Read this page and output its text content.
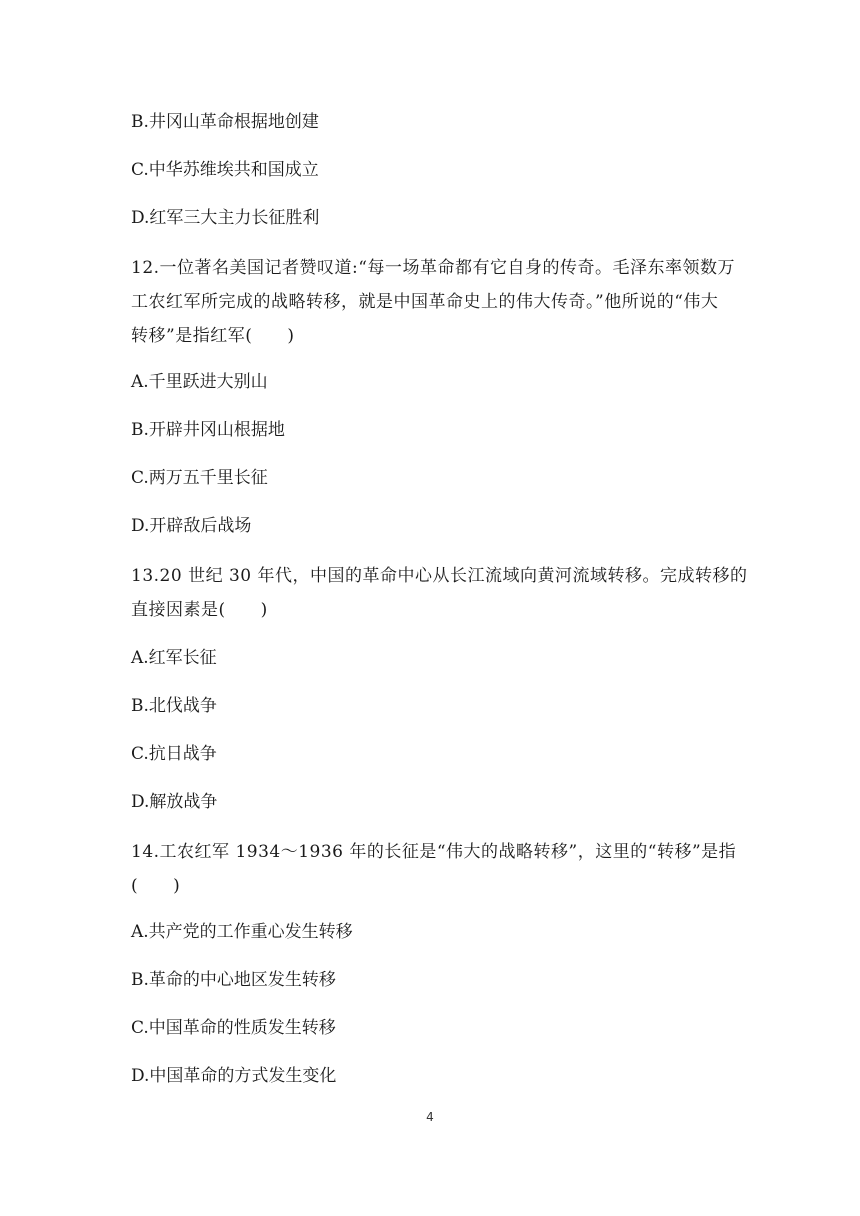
B.井冈山革命根据地创建
C.中华苏维埃共和国成立
D.红军三大主力长征胜利
12.一位著名美国记者赞叹道:“每一场革命都有它自身的传奇。毛泽东率领数万
工农红军所完成的战略转移，就是中国革命史上的伟大传奇。”他所说的“伟大
转移”是指红军(　　)
A.千里跃进大别山
B.开辟井冈山根据地
C.两万五千里长征
D.开辟敌后战场
13.20 世纪 30 年代，中国的革命中心从长江流域向黄河流域转移。完成转移的
直接因素是(　　)
A.红军长征
B.北伐战争
C.抗日战争
D.解放战争
14.工农红军 1934～1936 年的长征是“伟大的战略转移”，这里的“转移”是指
(　　)
A.共产党的工作重心发生转移
B.革命的中心地区发生转移
C.中国革命的性质发生转移
D.中国革命的方式发生变化
4
